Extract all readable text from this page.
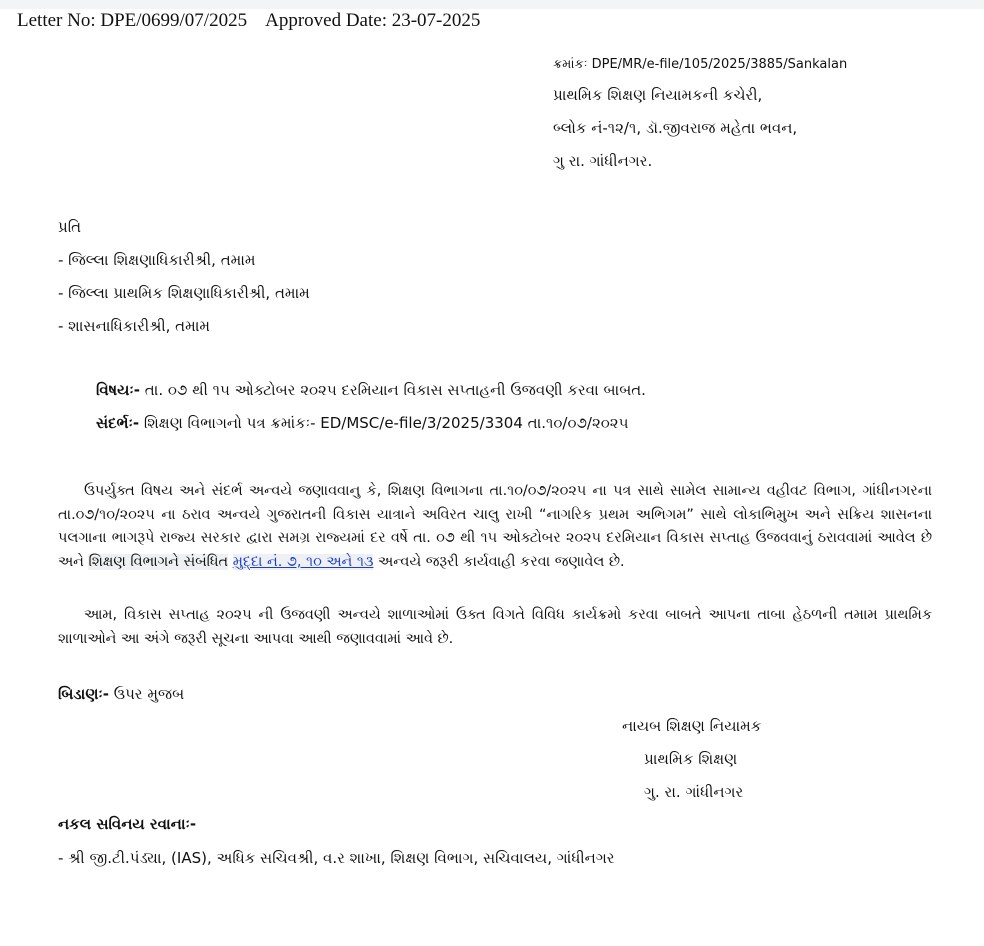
Letter No: DPE/0699/07/2025 Approved Date: 23-07-2025
ક્રમાંકઃ DPE/MR/e-file/105/2025/3885/Sankalan
પ્રાથમિક શિક્ષણ નિયામકની કચેરી,
બ્લોક નં-૧૨/૧, ડૉ.જીવરાજ મહેતા ભવન,
ગુ રા. ગાંધીનગર.
પ્રતિ
- જિલ્લા શિક્ષણાધિકારીશ્રી, તમામ
- જિલ્લા પ્રાથમિક શિક્ષણાધિકારીશ્રી, તમામ
- શાસનાધિકારીશ્રી, તમામ
વિષયઃ- તા. ૦૭ થી ૧૫ ઓક્ટોબર ૨૦૨૫ દરમિયાન વિકાસ સપ્તાહની ઉજવણી કરવા બાબત.
સંદર્ભઃ- શિક્ષણ વિભાગનો પત્ર ક્રમાંકઃ- ED/MSC/e-file/3/2025/3304 તા.૧૦/૦૭/૨૦૨૫
ઉપર્યુક્ત વિષય અને સંદર્ભ અન્વયે જણાવવાનુ કે, શિક્ષણ વિભાગના તા.૧૦/૦૭/૨૦૨૫ ના પત્ર સાથે સામેલ સામાન્ય વહીવટ વિભાગ, ગાંધીનગરના તા.૦૭/૧૦/૨૦૨૫ ના ઠરાવ અન્વયે ગુજરાતની વિકાસ યાત્રાને અવિરત ચાલુ રાખી “નાગરિક પ્રથમ અભિગમ” સાથે લોકાભિમુખ અને સક્રિય શાસનના પલગાના ભાગરૂપે રાજ્ય સરકાર દ્વારા સમગ્ર રાજ્યમાં દર વર્ષે તા. ૦૭ થી ૧૫ ઓક્ટોબર ૨૦૨૫ દરમિયાન વિકાસ સપ્તાહ ઉજવવાનું ઠરાવવામાં આવેલ છે અને શિક્ષણ વિભાગને સંબંધિત મુદ્દા નં. ૭, ૧૦ અને ૧૩ અન્વયે જરૂરી કાર્યવાહી કરવા જણાવેલ છે.
આમ, વિકાસ સપ્તાહ ૨૦૨૫ ની ઉજવણી અન્વયે શાળાઓમાં ઉક્ત વિગતે વિવિધ કાર્યક્રમો કરવા બાબતે આપના તાબા હેઠળની તમામ પ્રાથમિક શાળાઓને આ અંગે જરૂરી સૂચના આપવા આથી જણાવવામાં આવે છે.
બિડાણઃ- ઉપર મુજબ
નાયબ શિક્ષણ નિયામક
પ્રાથમિક શિક્ષણ
ગુ. રા. ગાંધીનગર
નકલ સવિનય રવાનાઃ-
- શ્રી જી.ટી.પંડ્યા, (IAS), અધિક સચિવશ્રી, વ.ર શાખા, શિક્ષણ વિભાગ, સચિવાલય, ગાંધીનગર
